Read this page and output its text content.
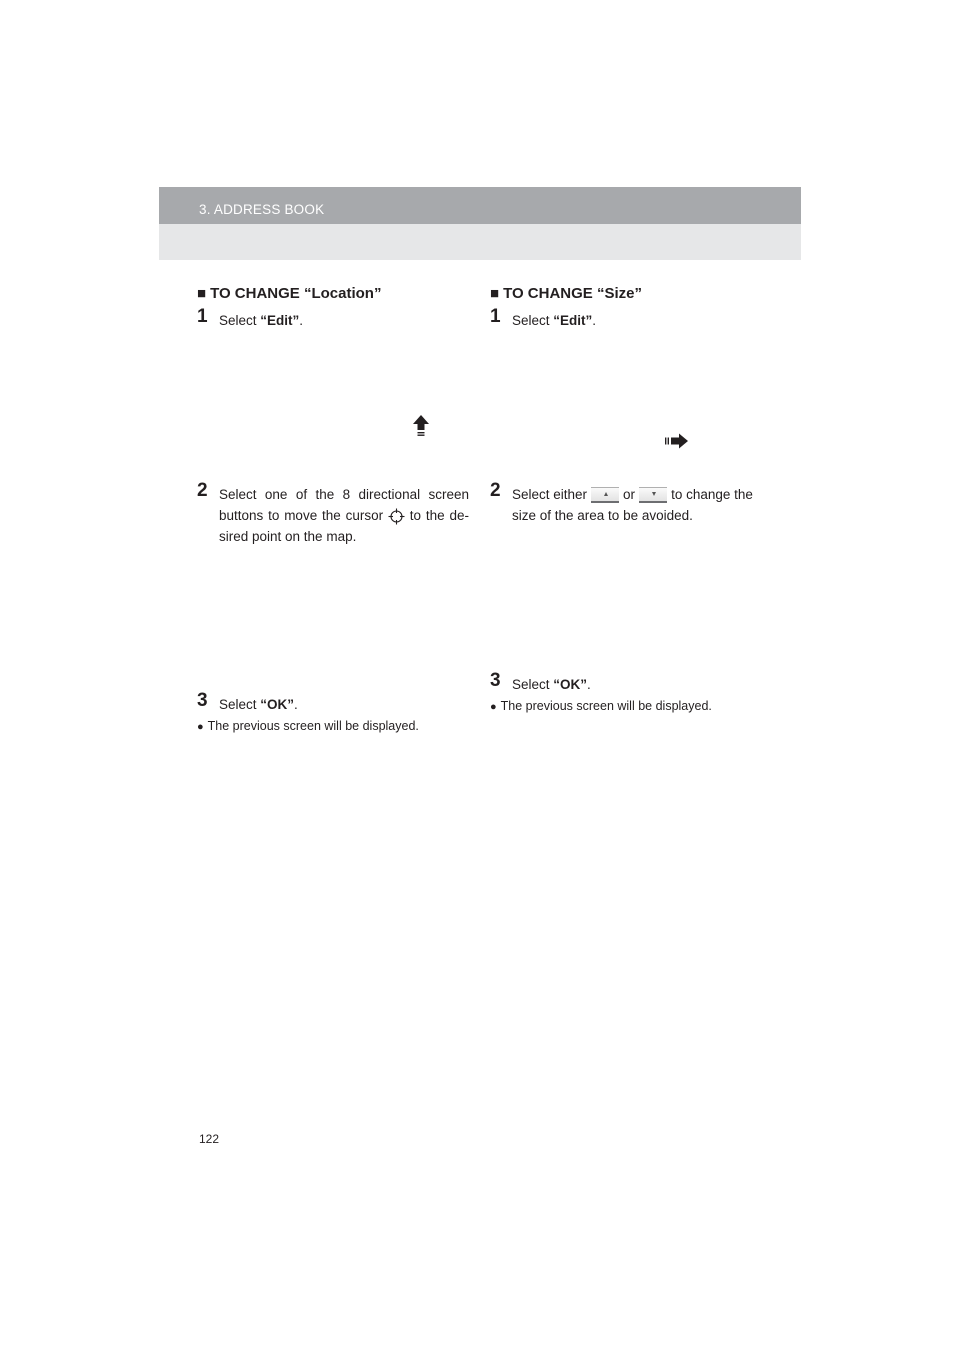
3. ADDRESS BOOK
■ TO CHANGE “Location”
1 Select “Edit”.
2 Select one of the 8 directional screen buttons to move the cursor to the de-sired point on the map.
3 Select “OK”.
● The previous screen will be displayed.
■ TO CHANGE “Size”
1 Select “Edit”.
2 Select either	or	to change the size of the area to be avoided.
3 Select “OK”.
● The previous screen will be displayed.
122
